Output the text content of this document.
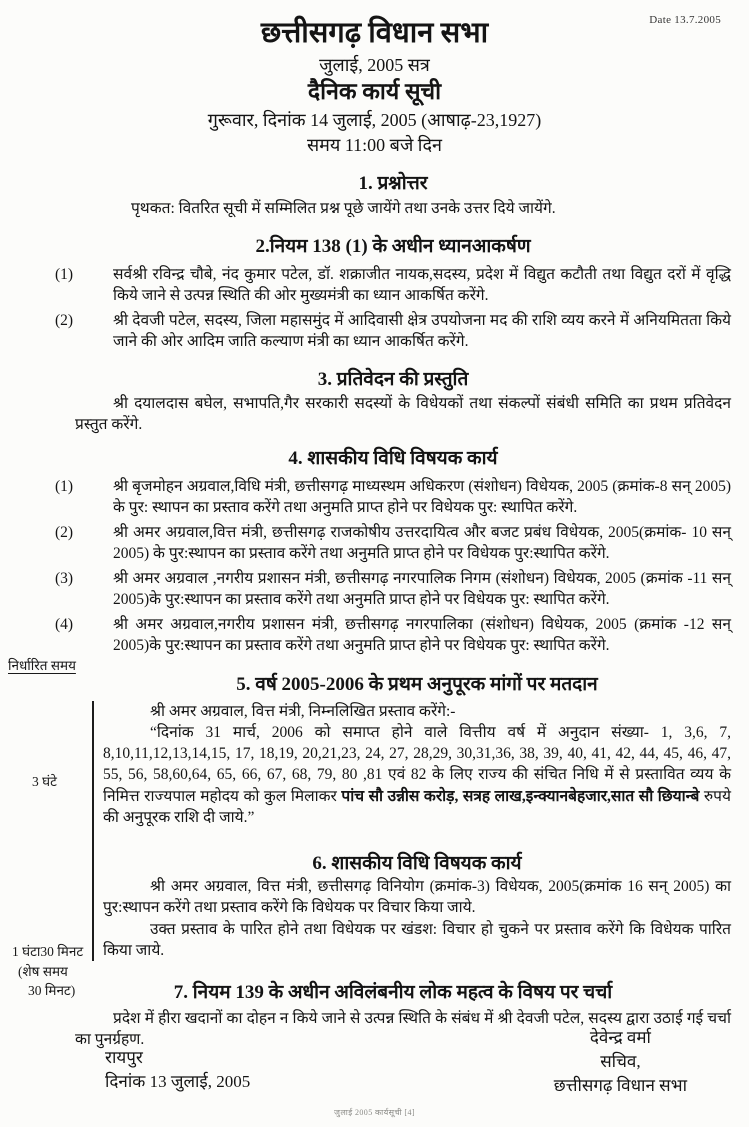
Date 13.7.2005
छत्तीसगढ़ विधान सभा
जुलाई, 2005 सत्र
दैनिक कार्य सूची
गुरूवार, दिनांक 14 जुलाई, 2005 (आषाढ़-23,1927)
समय 11:00 बजे दिन
1. प्रश्नोत्तर

पृथकत: वितरित सूची में सम्मिलित प्रश्न पूछे जायेंगे तथा उनके उत्तर दिये जायेंगे.

2.नियम 138 (1) के अधीन ध्यानआकर्षण
(1)	सर्वश्री रविन्द्र चौबे, नंद कुमार पटेल, डॉ. शक्राजीत नायक,सदस्य, प्रदेश में विद्युत कटौती तथा विद्युत दरों में वृद्धि किये जाने से उत्पन्न स्थिति की ओर मुख्यमंत्री का ध्यान आकर्षित करेंगे.
(2)	श्री देवजी पटेल, सदस्य, जिला महासमुंद में आदिवासी क्षेत्र उपयोजना मद की राशि व्यय करने में अनियमितता किये जाने की ओर आदिम जाति कल्याण मंत्री का ध्यान आकर्षित करेंगे.
3. प्रतिवेदन की प्रस्तुति

श्री दयालदास बघेल, सभापति,गैर सरकारी सदस्यों के विधेयकों तथा संकल्पों संबंधी समिति का प्रथम प्रतिवेदन प्रस्तुत करेंगे.

4. शासकीय विधि विषयक कार्य
(1)	श्री बृजमोहन अग्रवाल,विधि मंत्री, छत्तीसगढ़ माध्यस्थम अधिकरण (संशोधन) विधेयक, 2005 (क्रमांक-8 सन् 2005) के पुर: स्थापन का प्रस्ताव करेंगे तथा अनुमति प्राप्त होने पर विधेयक पुर: स्थापित करेंगे.
(2)	श्री अमर अग्रवाल,वित्त मंत्री, छत्तीसगढ़ राजकोषीय उत्तरदायित्व और बजट प्रबंध विधेयक, 2005(क्रमांक- 10 सन् 2005) के पुर:स्थापन का प्रस्ताव करेंगे तथा अनुमति प्राप्त होने पर विधेयक पुर:स्थापित करेंगे.
(3)	श्री अमर अग्रवाल ,नगरीय प्रशासन मंत्री, छत्तीसगढ़ नगरपालिक निगम (संशोधन) विधेयक, 2005 (क्रमांक -11 सन् 2005)के पुर:स्थापन का प्रस्ताव करेंगे तथा अनुमति प्राप्त होने पर विधेयक पुर: स्थापित करेंगे.
(4)	श्री अमर अग्रवाल,नगरीय प्रशासन मंत्री, छत्तीसगढ़ नगरपालिका (संशोधन) विधेयक, 2005 (क्रमांक -12 सन् 2005)के पुर:स्थापन का प्रस्ताव करेंगे तथा अनुमति प्राप्त होने पर विधेयक पुर: स्थापित करेंगे.
5. वर्ष 2005-2006 के प्रथम अनुपूरक मांगों पर मतदान

श्री अमर अग्रवाल, वित्त मंत्री, निम्नलिखित प्रस्ताव करेंगे:-

“दिनांक 31 मार्च, 2006 को समाप्त होने वाले वित्तीय वर्ष में अनुदान संख्या- 1, 3,6, 7, 8,10,11,12,13,14,15, 17, 18,19, 20,21,23, 24, 27, 28,29, 30,31,36, 38, 39, 40, 41, 42, 44, 45, 46, 47, 55, 56, 58,60,64, 65, 66, 67, 68, 79, 80 ,81 एवं 82 के लिए राज्य की संचित निधि में से प्रस्तावित व्यय के निमित्त राज्यपाल महोदय को कुल मिलाकर पांच सौ उन्नीस करोड़, सत्रह लाख,इन्क्यानबेहजार,सात सौ छियान्बे रुपये की अनुपूरक राशि दी जाये.”

6. शासकीय विधि विषयक कार्य

श्री अमर अग्रवाल, वित्त मंत्री, छत्तीसगढ़ विनियोग (क्रमांक-3) विधेयक, 2005(क्रमांक 16 सन् 2005) का पुर:स्थापन करेंगे तथा प्रस्ताव करेंगे कि विधेयक पर विचार किया जाये.

उक्त प्रस्ताव के पारित होने तथा विधेयक पर खंडश: विचार हो चुकने पर प्रस्ताव करेंगे कि विधेयक पारित किया जाये.

7. नियम 139 के अधीन अविलंबनीय लोक महत्व के विषय पर चर्चा

प्रदेश में हीरा खदानों का दोहन न किये जाने से उत्पन्न स्थिति के संबंध में श्री देवजी पटेल, सदस्य द्वारा उठाई गई चर्चा का पुनर्ग्रहण.

निर्धारित समय
3 घंटे
1 घंटा30 मिनट
(शेष समय
30 मिनट)
रायपुर
दिनांक 13 जुलाई, 2005
देवेन्द्र वर्मा
सचिव,
छत्तीसगढ़ विधान सभा
जुलाई 2005 कार्यसूची [4]
